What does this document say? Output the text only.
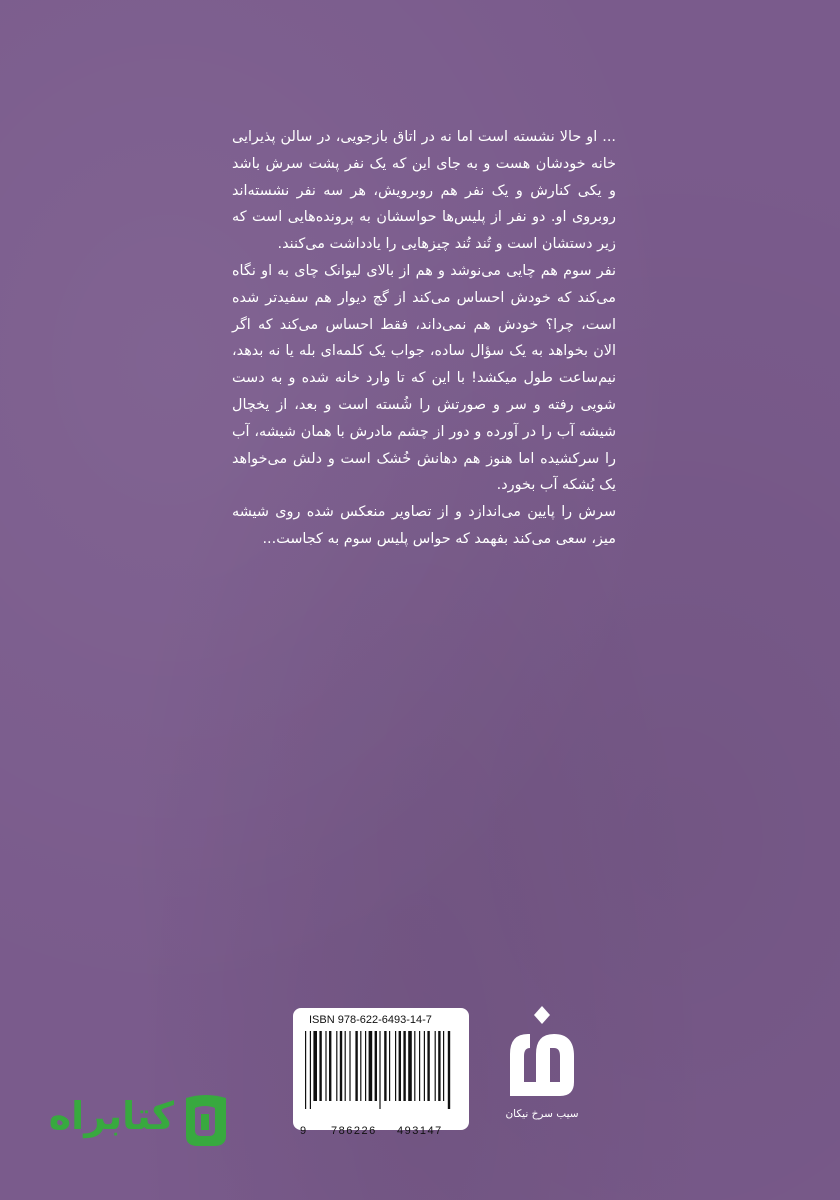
... او حالا نشسته است اما نه در اتاق بازجویی، در سالن پذیرایی خانه خودشان هست و به جای این که یک نفر پشت سرش باشد و یکی کنارش و یک نفر هم روبرویش، هر سه نفر نشسته‌اند روبروی او. دو نفر از پلیس‌ها حواسشان به پرونده‌هایی است که زیر دستشان است و تُند تُند چیزهایی را یادداشت می‌کنند.

نفر سوم هم چایی می‌نوشد و هم از بالای لیوانک چای به او نگاه می‌کند که خودش احساس می‌کند از گچ دیوار هم سفیدتر شده است، چرا؟ خودش هم نمی‌داند، فقط احساس می‌کند که اگر الان بخواهد به یک سؤال ساده، جواب یک کلمه‌ای بله یا نه بدهد، نیم‌ساعت طول میکشد! با این که تا وارد خانه شده و به دست شویی رفته و سر و صورتش را شُسته است و بعد، از یخچال شیشه آب را در آورده و دور از چشم مادرش با همان شیشه، آب را سرکشیده اما هنوز هم دهانش خُشک است و دلش می‌خواهد یک بُشکه آب بخورد.

سرش را پایین می‌اندازد و از تصاویر منعکس شده روی شیشه میز، سعی می‌کند بفهمد که حواس پلیس سوم به کجاست...

ISBN 978-622-6493-14-7
9 786226 493147
سیب سرخ نیکان
کتابراه
